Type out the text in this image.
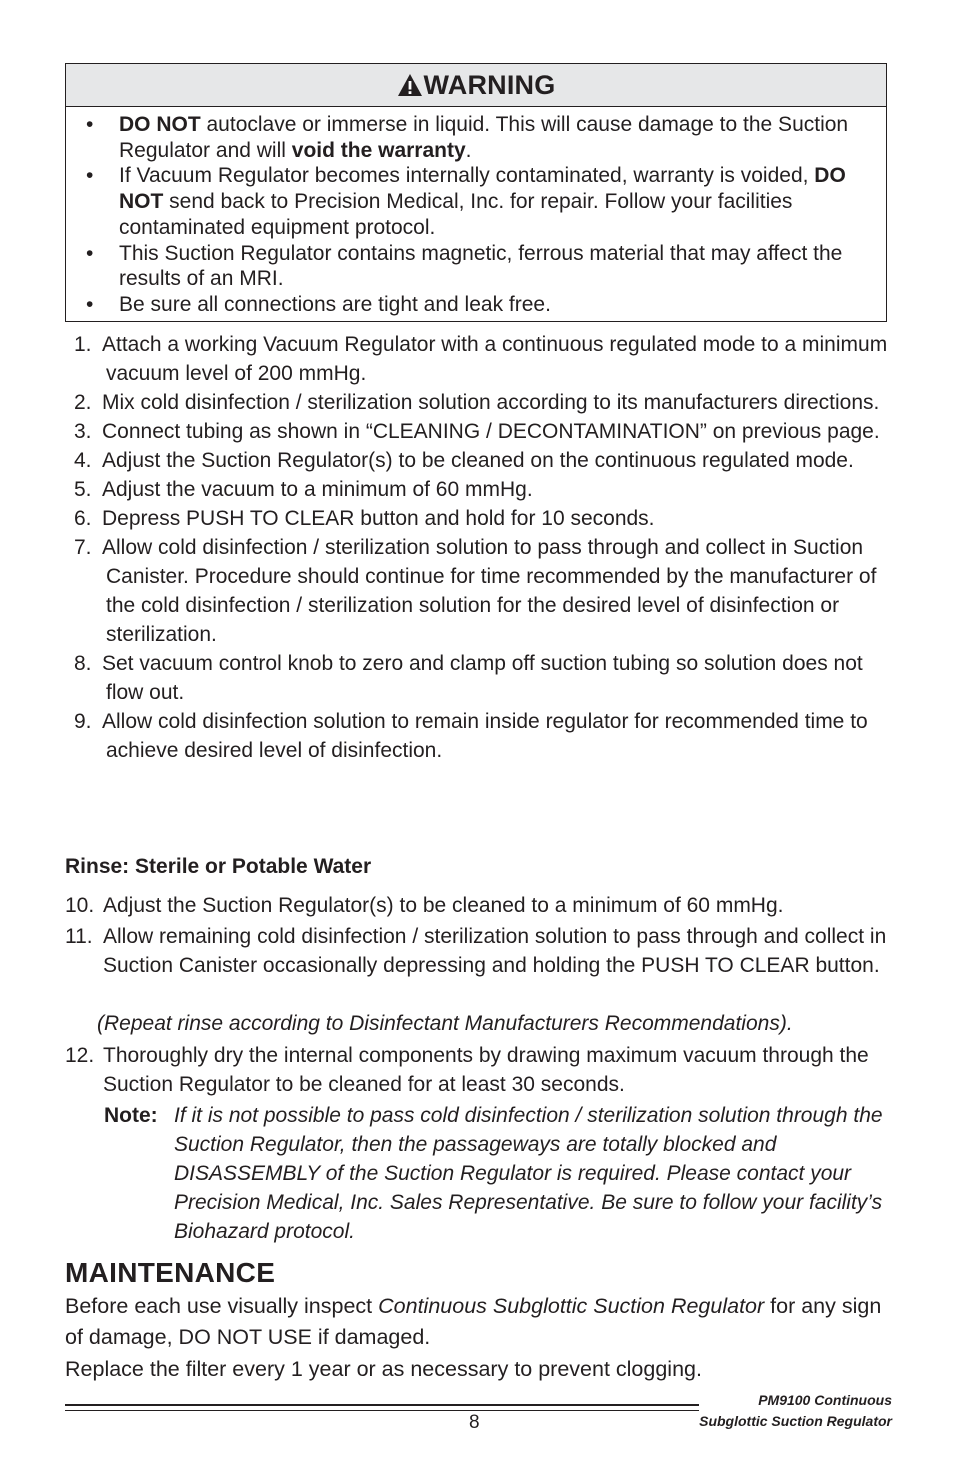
WARNING
• DO NOT autoclave or immerse in liquid. This will cause damage to the Suction Regulator and will void the warranty.
• If Vacuum Regulator becomes internally contaminated, warranty is voided, DO NOT send back to Precision Medical, Inc. for repair. Follow your facilities contaminated equipment protocol.
• This Suction Regulator contains magnetic, ferrous material that may affect the results of an MRI.
• Be sure all connections are tight and leak free.
1. Attach a working Vacuum Regulator with a continuous regulated mode to a minimum vacuum level of 200 mmHg.
2. Mix cold disinfection / sterilization solution according to its manufacturers directions.
3. Connect tubing as shown in “CLEANING / DECONTAMINATION” on previous page.
4. Adjust the Suction Regulator(s) to be cleaned on the continuous regulated mode.
5. Adjust the vacuum to a minimum of 60 mmHg.
6. Depress PUSH TO CLEAR button and hold for 10 seconds.
7. Allow cold disinfection / sterilization solution to pass through and collect in Suction Canister. Procedure should continue for time recommended by the manufacturer of the cold disinfection / sterilization solution for the desired level of disinfection or sterilization.
8. Set vacuum control knob to zero and clamp off suction tubing so solution does not flow out.
9. Allow cold disinfection solution to remain inside regulator for recommended time to achieve desired level of disinfection.
Rinse: Sterile or Potable Water
10. Adjust the Suction Regulator(s) to be cleaned to a minimum of 60 mmHg.
11. Allow remaining cold disinfection / sterilization solution to pass through and collect in Suction Canister occasionally depressing and holding the PUSH TO CLEAR button.
(Repeat rinse according to Disinfectant Manufacturers Recommendations).
12. Thoroughly dry the internal components by drawing maximum vacuum through the Suction Regulator to be cleaned for at least 30 seconds.
Note: If it is not possible to pass cold disinfection / sterilization solution through the Suction Regulator, then the passageways are totally blocked and DISASSEMBLY of the Suction Regulator is required. Please contact your Precision Medical, Inc. Sales Representative. Be sure to follow your facility’s Biohazard protocol.
MAINTENANCE
Before each use visually inspect Continuous Subglottic Suction Regulator for any sign of damage, DO NOT USE if damaged.
Replace the filter every 1 year or as necessary to prevent clogging.
8
PM9100 Continuous
Subglottic Suction Regulator
